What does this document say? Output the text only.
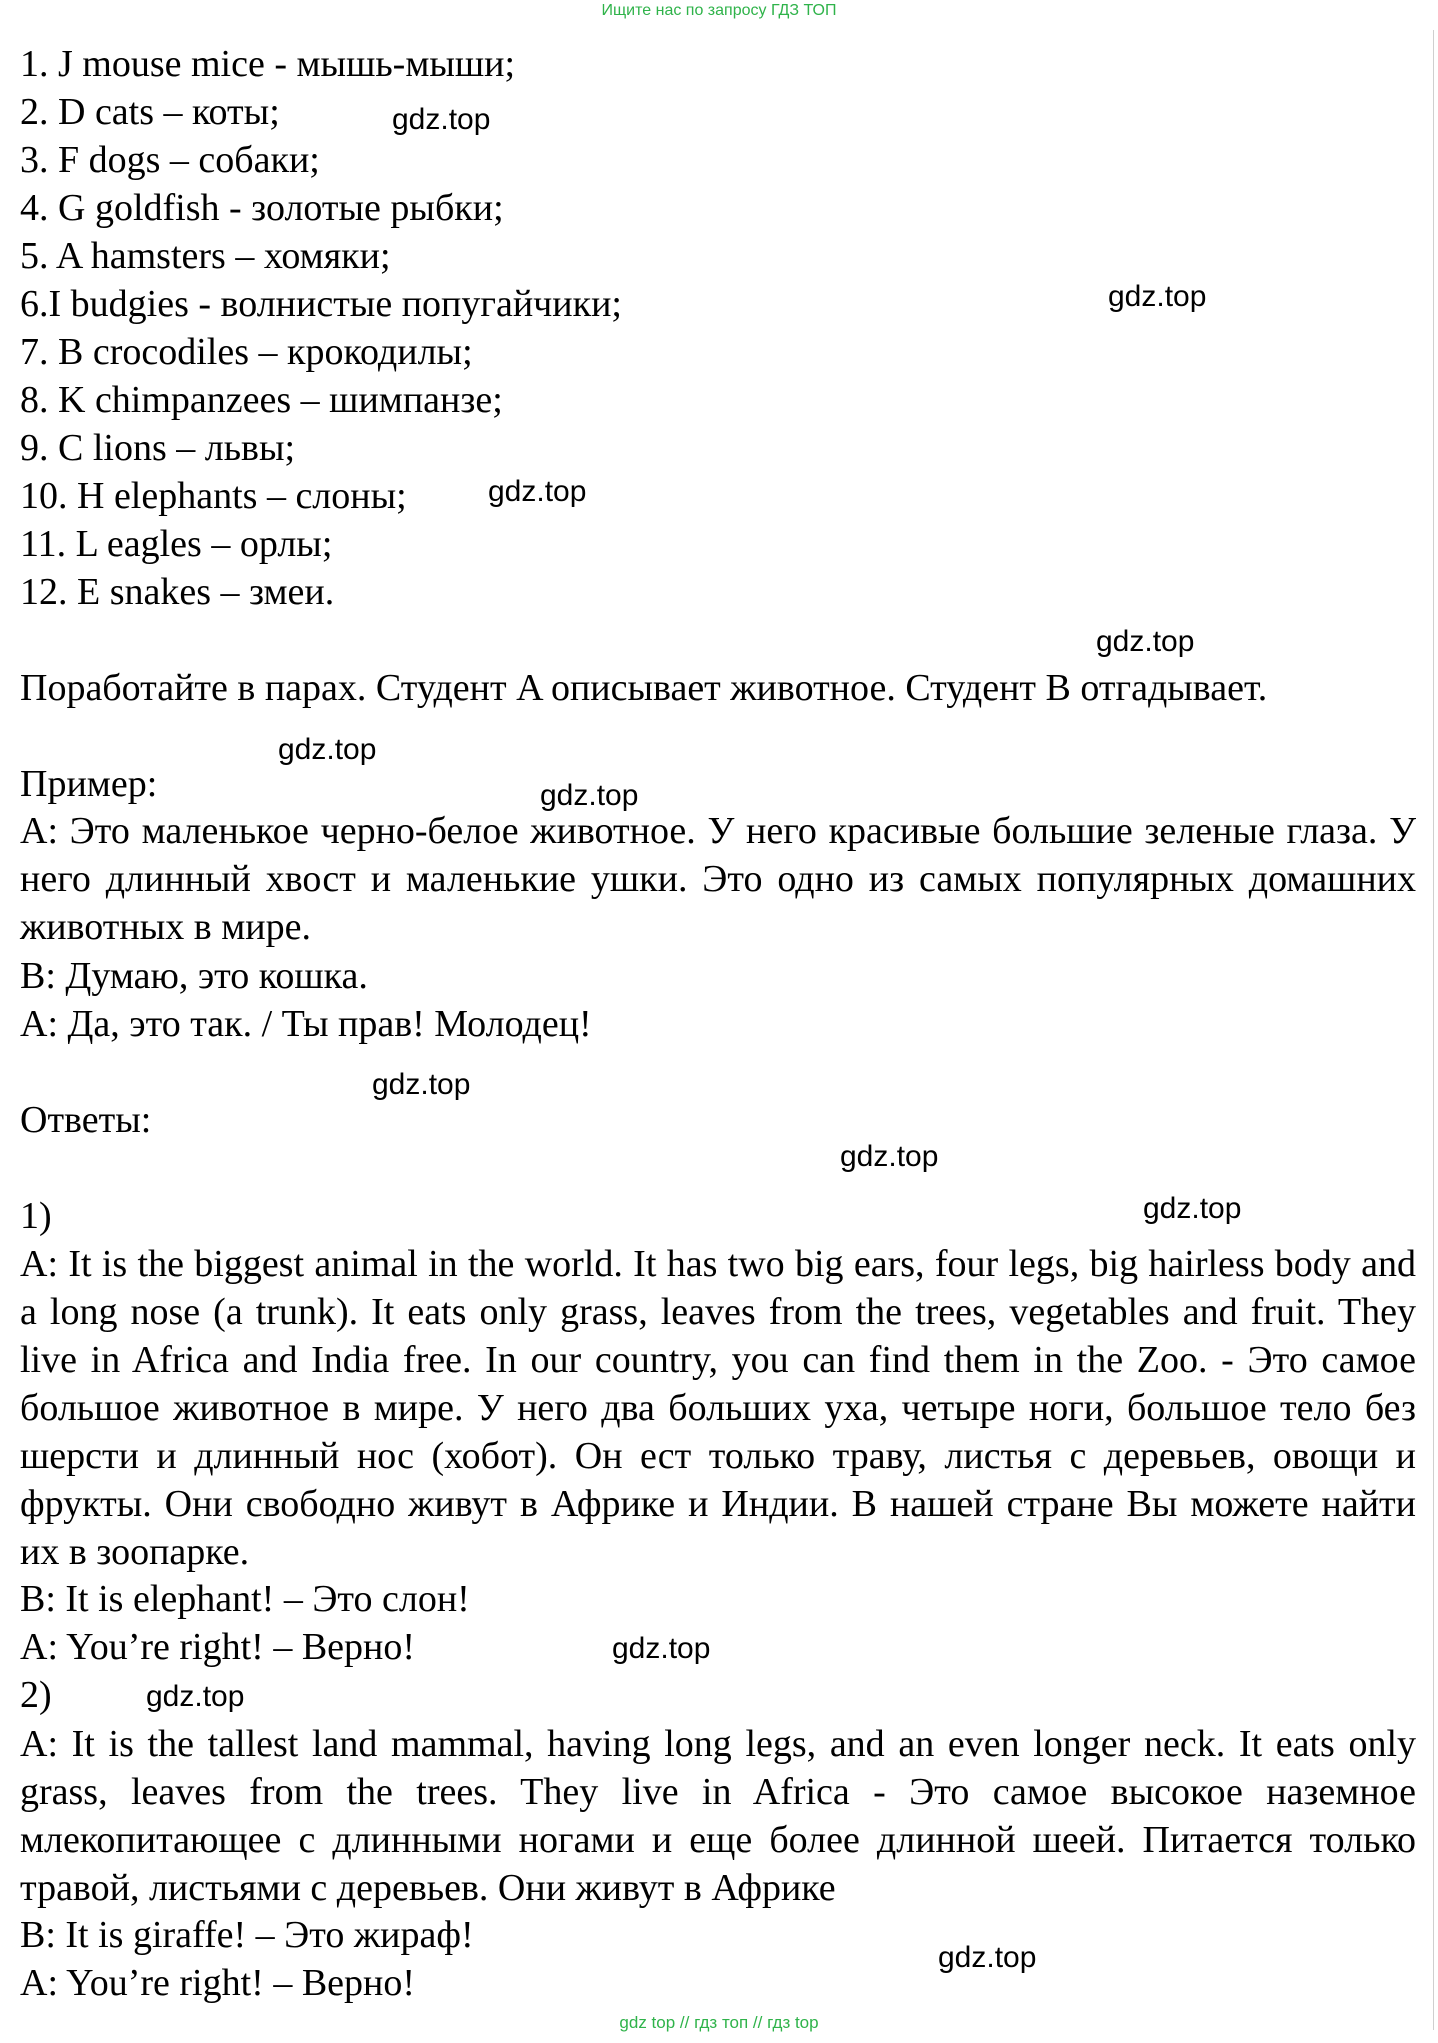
Ищите нас по запросу ГДЗ ТОП
1. J mouse mice - мышь-мыши;
2. D cats – коты;
3. F dogs – собаки;
4. G goldfish - золотые рыбки;
5. A hamsters – хомяки;
6.I budgies - волнистые попугайчики;
7. B crocodiles – крокодилы;
8. K chimpanzees – шимпанзе;
9. C lions – львы;
10. H elephants – слоны;
11. L eagles – орлы;
12. E snakes – змеи.
Поработайте в парах. Студент A описывает животное. Студент B отгадывает.
Пример:
A: Это маленькое черно-белое животное. У него красивые большие зеленые глаза. У него длинный хвост и маленькие ушки. Это одно из самых популярных домашних животных в мире.
B: Думаю, это кошка.
A: Да, это так. / Ты прав! Молодец!
Ответы:
1)
A: It is the biggest animal in the world. It has two big ears, four legs, big hairless body and a long nose (a trunk). It eats only grass, leaves from the trees, vegetables and fruit. They live in Africa and India free. In our country, you can find them in the Zoo. - Это самое большое животное в мире. У него два больших уха, четыре ноги, большое тело без шерсти и длинный нос (хобот). Он ест только траву, листья с деревьев, овощи и фрукты. Они свободно живут в Африке и Индии. В нашей стране Вы можете найти их в зоопарке.
B: It is elephant! – Это слон!
A: You’re right! – Верно!
2)
A: It is the tallest land mammal, having long legs, and an even longer neck. It eats only grass, leaves from the trees. They live in Africa - Это самое высокое наземное млекопитающее с длинными ногами и еще более длинной шеей. Питается только травой, листьями с деревьев. Они живут в Африке
B: It is giraffe! – Это жираф!
A: You’re right! – Верно!
gdz.top
gdz.top
gdz.top
gdz.top
gdz.top
gdz.top
gdz.top
gdz.top
gdz.top
gdz.top
gdz.top
gdz.top
gdz top // гдз топ // гдз top
